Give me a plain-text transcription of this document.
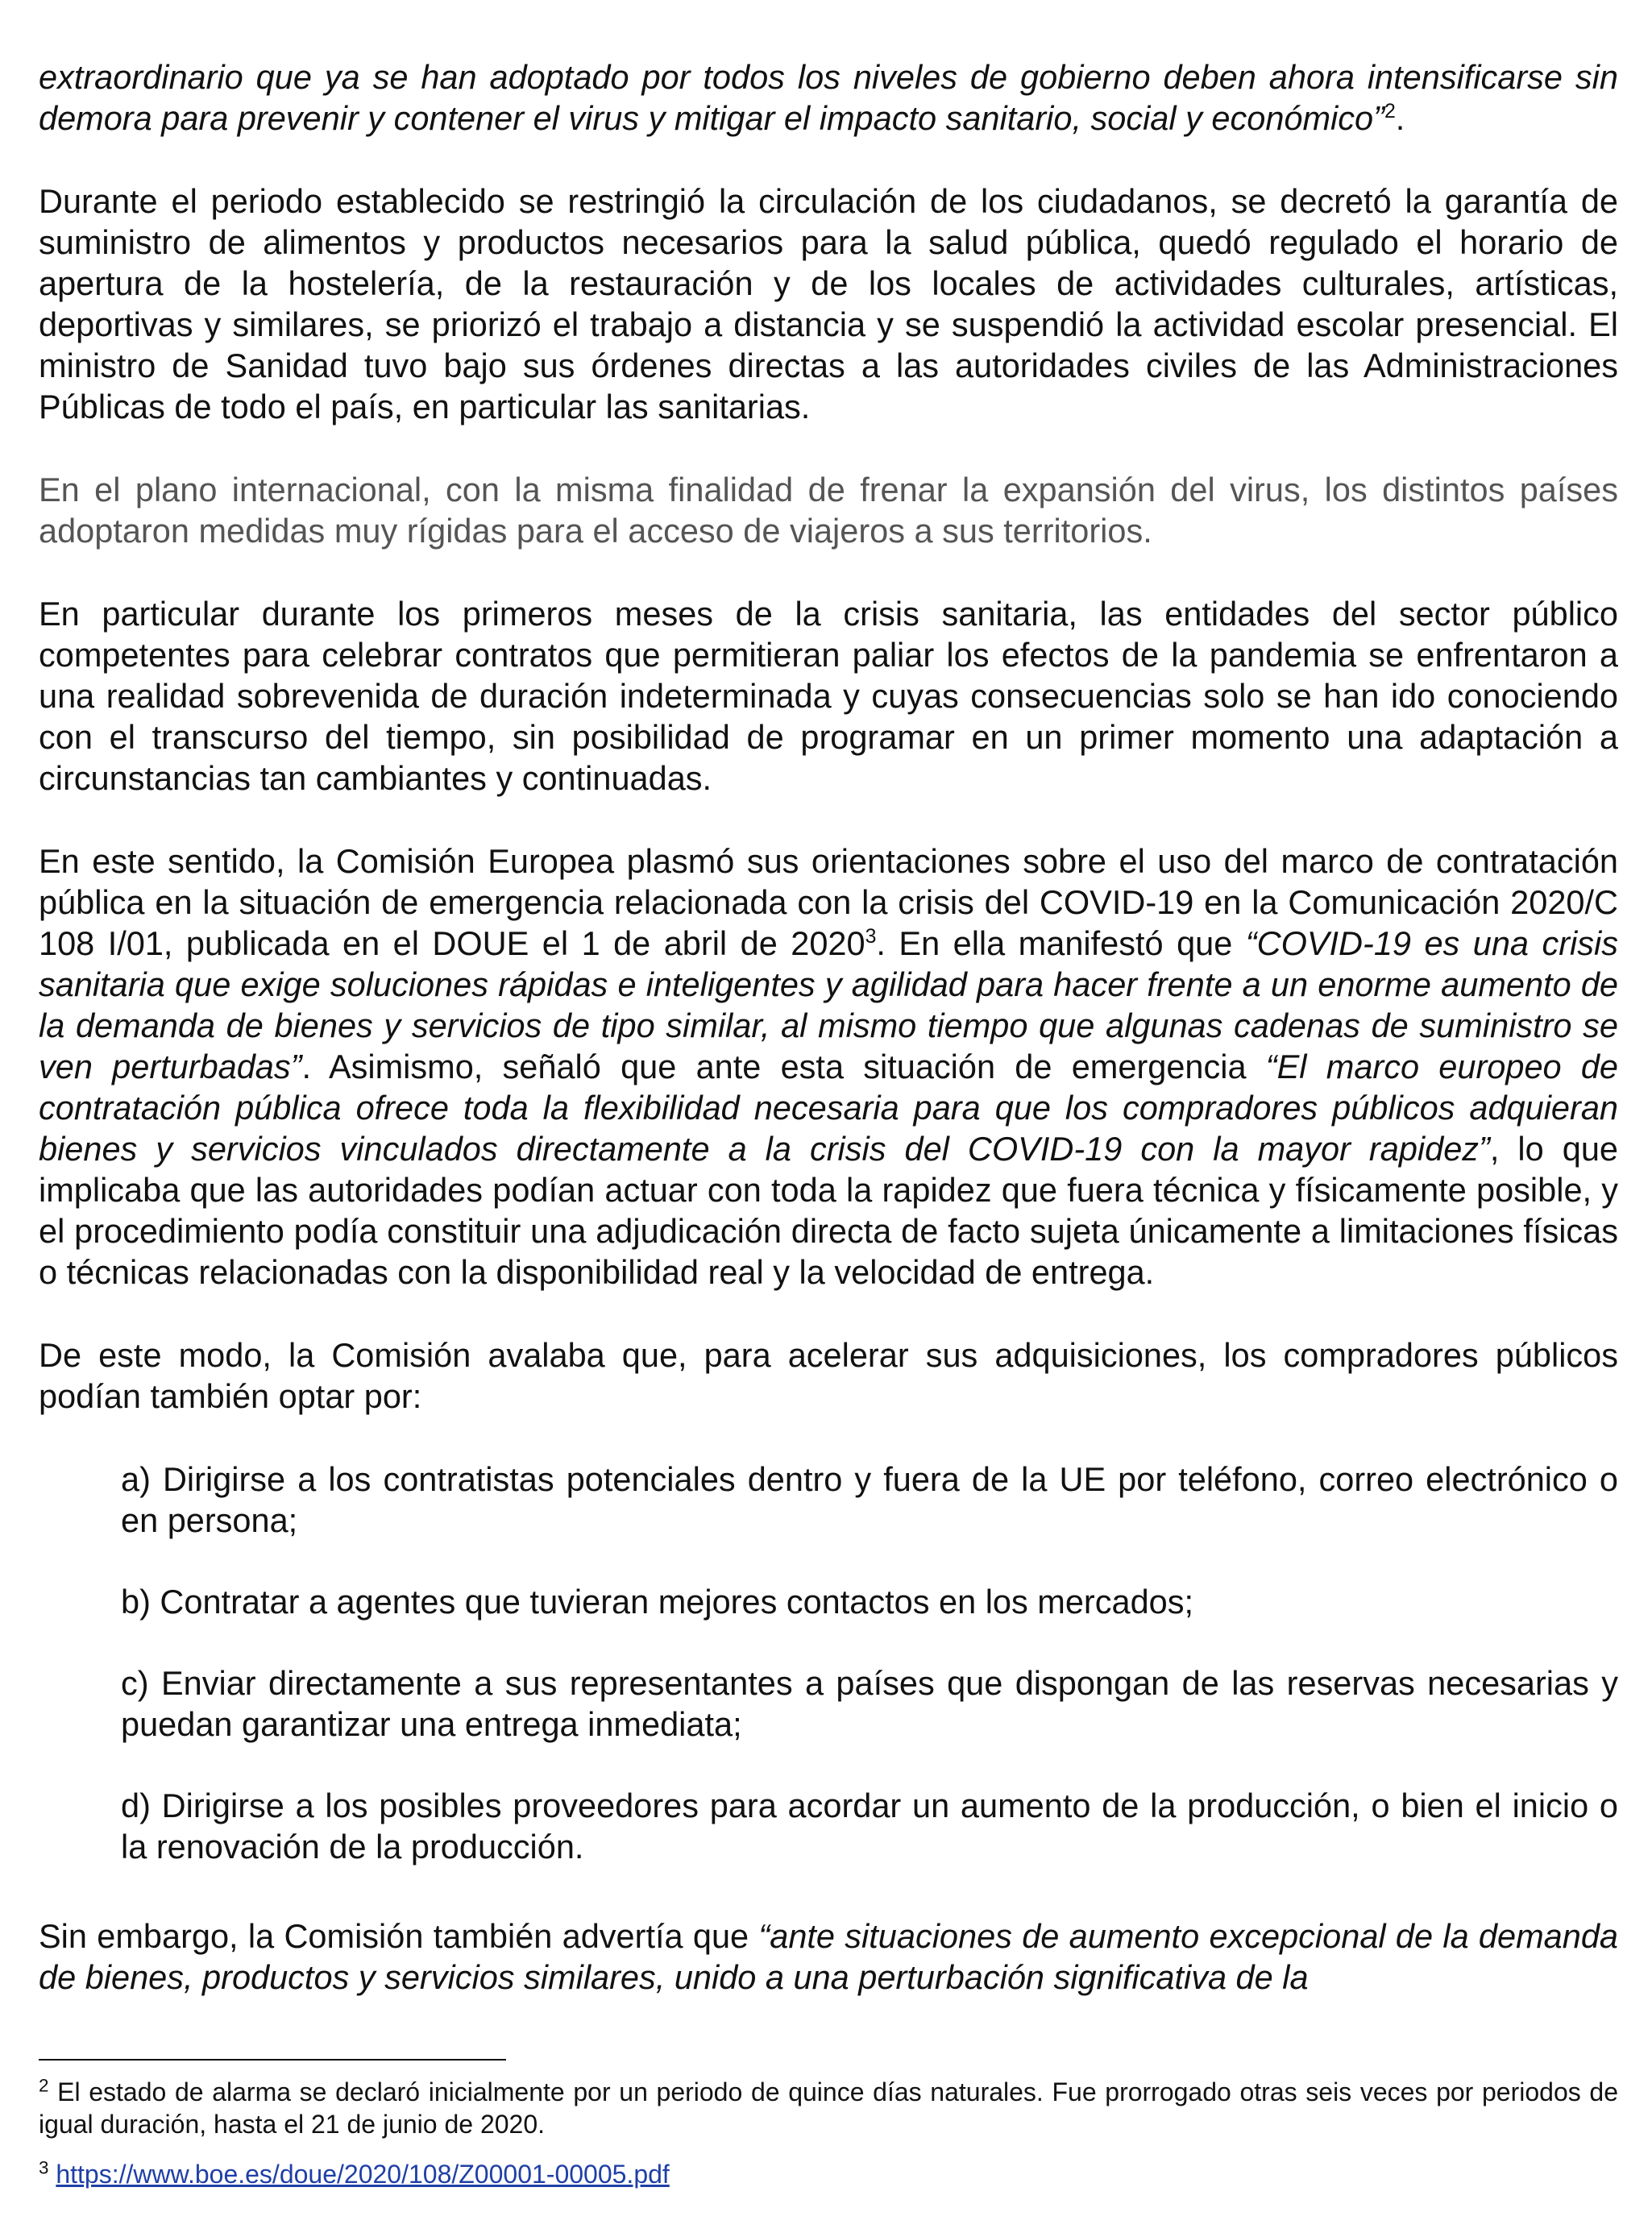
extraordinario que ya se han adoptado por todos los niveles de gobierno deben ahora intensificarse sin demora para prevenir y contener el virus y mitigar el impacto sanitario, social y económico”$^2$.

Durante el periodo establecido se restringió la circulación de los ciudadanos, se decretó la garantía de suministro de alimentos y productos necesarios para la salud pública, quedó regulado el horario de apertura de la hostelería, de la restauración y de los locales de actividades culturales, artísticas, deportivas y similares, se priorizó el trabajo a distancia y se suspendió la actividad escolar presencial. El ministro de Sanidad tuvo bajo sus órdenes directas a las autoridades civiles de las Administraciones Públicas de todo el país, en particular las sanitarias.

En el plano internacional, con la misma finalidad de frenar la expansión del virus, los distintos países adoptaron medidas muy rígidas para el acceso de viajeros a sus territorios.

En particular durante los primeros meses de la crisis sanitaria, las entidades del sector público competentes para celebrar contratos que permitieran paliar los efectos de la pandemia se enfrentaron a una realidad sobrevenida de duración indeterminada y cuyas consecuencias solo se han ido conociendo con el transcurso del tiempo, sin posibilidad de programar en un primer momento una adaptación a circunstancias tan cambiantes y continuadas.

En este sentido, la Comisión Europea plasmó sus orientaciones sobre el uso del marco de contratación pública en la situación de emergencia relacionada con la crisis del COVID-19 en la Comunicación 2020/C 108 I/01, publicada en el DOUE el 1 de abril de 2020$^3$. En ella manifestó que “COVID-19 es una crisis sanitaria que exige soluciones rápidas e inteligentes y agilidad para hacer frente a un enorme aumento de la demanda de bienes y servicios de tipo similar, al mismo tiempo que algunas cadenas de suministro se ven perturbadas”. Asimismo, señaló que ante esta situación de emergencia “El marco europeo de contratación pública ofrece toda la flexibilidad necesaria para que los compradores públicos adquieran bienes y servicios vinculados directamente a la crisis del COVID-19 con la mayor rapidez”, lo que implicaba que las autoridades podían actuar con toda la rapidez que fuera técnica y físicamente posible, y el procedimiento podía constituir una adjudicación directa de facto sujeta únicamente a limitaciones físicas o técnicas relacionadas con la disponibilidad real y la velocidad de entrega.

De este modo, la Comisión avalaba que, para acelerar sus adquisiciones, los compradores públicos podían también optar por:

a) Dirigirse a los contratistas potenciales dentro y fuera de la UE por teléfono, correo electrónico o en persona;
b) Contratar a agentes que tuvieran mejores contactos en los mercados;
c) Enviar directamente a sus representantes a países que dispongan de las reservas necesarias y puedan garantizar una entrega inmediata;
d) Dirigirse a los posibles proveedores para acordar un aumento de la producción, o bien el inicio o la renovación de la producción.

Sin embargo, la Comisión también advertía que “ante situaciones de aumento excepcional de la demanda de bienes, productos y servicios similares, unido a una perturbación significativa de la

$^2$ El estado de alarma se declaró inicialmente por un periodo de quince días naturales. Fue prorrogado otras seis veces por periodos de igual duración, hasta el 21 de junio de 2020.

$^3$ https://www.boe.es/doue/2020/108/Z00001-00005.pdf
